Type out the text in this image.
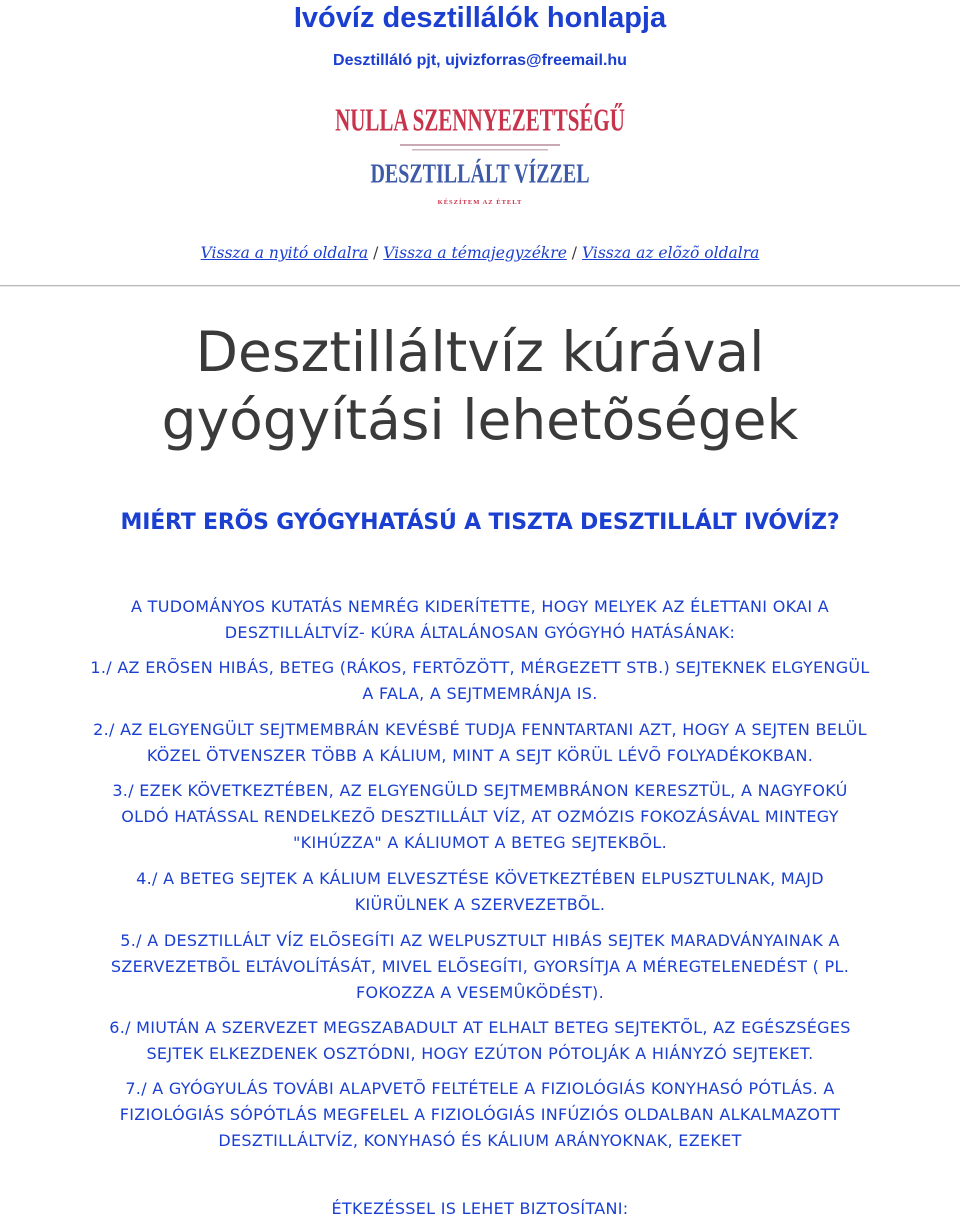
Ivóvíz desztillálók honlapja
Desztilláló pjt, ujvizforras@freemail.hu
NULLA SZENNYEZETTSÉGŰ
DESZTILLÁLT VÍZZEL
KÉSZÍTEM AZ ÉTELT
Vissza a nyitó oldalra / Vissza a témajegyzékre / Vissza az elõzõ oldalra
Desztilláltvíz kúrával
gyógyítási lehetõségek
MIÉRT ERÕS GYÓGYHATÁSÚ A TISZTA DESZTILLÁLT IVÓVÍZ?

A TUDOMÁNYOS KUTATÁS NEMRÉG KIDERÍTETTE, HOGY MELYEK AZ ÉLETTANI OKAI A
DESZTILLÁLTVÍZ- KÚRA ÁLTALÁNOSAN GYÓGYHÓ HATÁSÁNAK:

1./ AZ ERÕSEN HIBÁS, BETEG (RÁKOS, FERTÕZÖTT, MÉRGEZETT STB.) SEJTEKNEK ELGYENGÜL
A FALA, A SEJTMEMRÁNJA IS.

2./ AZ ELGYENGÜLT SEJTMEMBRÁN KEVÉSBÉ TUDJA FENNTARTANI AZT, HOGY A SEJTEN BELÜL
KÖZEL ÖTVENSZER TÖBB A KÁLIUM, MINT A SEJT KÖRÜL LÉVÕ FOLYADÉKOKBAN.

3./ EZEK KÖVETKEZTÉBEN, AZ ELGYENGÜLD SEJTMEMBRÁNON KERESZTÜL, A NAGYFOKÚ
OLDÓ HATÁSSAL RENDELKEZÕ DESZTILLÁLT VÍZ, AT OZMÓZIS FOKOZÁSÁVAL MINTEGY
"KIHÚZZA" A KÁLIUMOT A BETEG SEJTEKBÕL.

4./ A BETEG SEJTEK A KÁLIUM ELVESZTÉSE KÖVETKEZTÉBEN ELPUSZTULNAK, MAJD
KIÜRÜLNEK A SZERVEZETBÕL.

5./ A DESZTILLÁLT VÍZ ELÕSEGÍTI AZ WELPUSZTULT HIBÁS SEJTEK MARADVÁNYAINAK A
SZERVEZETBÕL ELTÁVOLÍTÁSÁT, MIVEL ELÕSEGÍTI, GYORSÍTJA A MÉREGTELENEDÉST ( PL.
FOKOZZA A VESEMÛKÖDÉST).

6./ MIUTÁN A SZERVEZET MEGSZABADULT AT ELHALT BETEG SEJTEKTÕL, AZ EGÉSZSÉGES
SEJTEK ELKEZDENEK OSZTÓDNI, HOGY EZÚTON PÓTOLJÁK A HIÁNYZÓ SEJTEKET.

7./ A GYÓGYULÁS TOVÁBI ALAPVETÕ FELTÉTELE A FIZIOLÓGIÁS KONYHASÓ PÓTLÁS. A
FIZIOLÓGIÁS SÓPÓTLÁS MEGFELEL A FIZIOLÓGIÁS INFÚZIÓS OLDALBAN ALKALMAZOTT
DESZTILLÁLTVÍZ, KONYHASÓ ÉS KÁLIUM ARÁNYOKNAK, EZEKET

ÉTKEZÉSSEL IS LEHET BIZTOSÍTANI:
